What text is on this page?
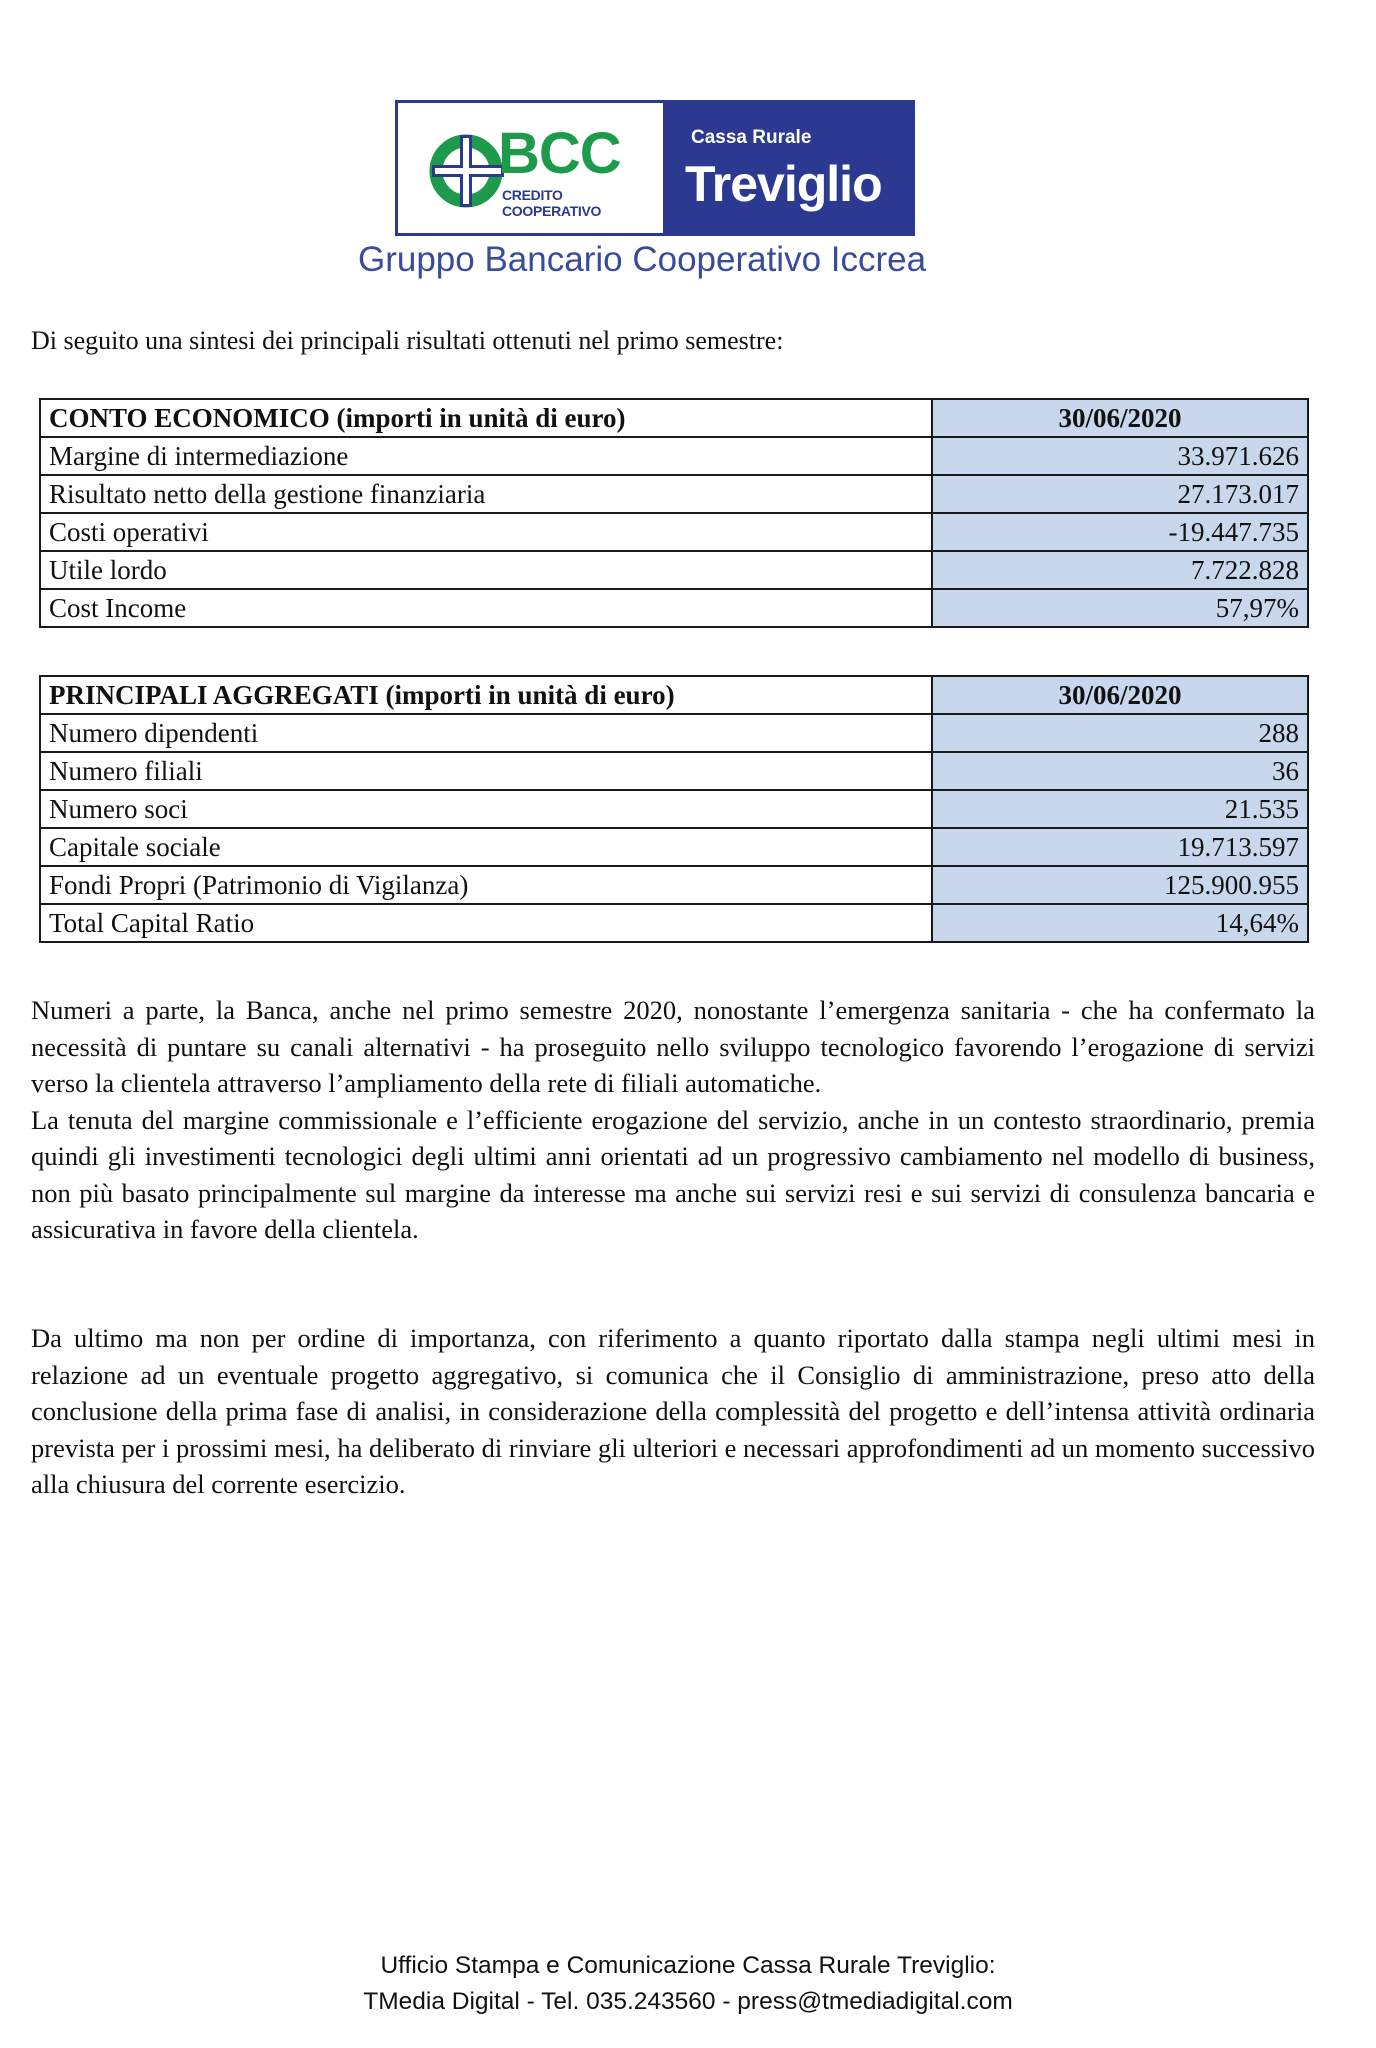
BCC
CREDITO COOPERATIVO
Cassa Rurale
Treviglio
Gruppo Bancario Cooperativo Iccrea
Di seguito una sintesi dei principali risultati ottenuti nel primo semestre:
CONTO ECONOMICO (importi in unità di euro)	30/06/2020
Margine di intermediazione	33.971.626
Risultato netto della gestione finanziaria	27.173.017
Costi operativi	-19.447.735
Utile lordo	7.722.828
Cost Income	57,97%
PRINCIPALI AGGREGATI (importi in unità di euro)	30/06/2020
Numero dipendenti	288
Numero filiali	36
Numero soci	21.535
Capitale sociale	19.713.597
Fondi Propri (Patrimonio di Vigilanza)	125.900.955
Total Capital Ratio	14,64%

Numeri a parte, la Banca, anche nel primo semestre 2020, nonostante l’emergenza sanitaria - che ha confermato la necessità di puntare su canali alternativi - ha proseguito nello sviluppo tecnologico favorendo l’erogazione di servizi verso la clientela attraverso l’ampliamento della rete di filiali automatiche.

La tenuta del margine commissionale e l’efficiente erogazione del servizio, anche in un contesto straordinario, premia quindi gli investimenti tecnologici degli ultimi anni orientati ad un progressivo cambiamento nel modello di business, non più basato principalmente sul margine da interesse ma anche sui servizi resi e sui servizi di consulenza bancaria e assicurativa in favore della clientela.

Da ultimo ma non per ordine di importanza, con riferimento a quanto riportato dalla stampa negli ultimi mesi in relazione ad un eventuale progetto aggregativo, si comunica che il Consiglio di amministrazione, preso atto della conclusione della prima fase di analisi, in considerazione della complessità del progetto e dell’intensa attività ordinaria prevista per i prossimi mesi, ha deliberato di rinviare gli ulteriori e necessari approfondimenti ad un momento successivo alla chiusura del corrente esercizio.

Ufficio Stampa e Comunicazione Cassa Rurale Treviglio:
TMedia Digital - Tel. 035.243560 - press@tmediadigital.com
